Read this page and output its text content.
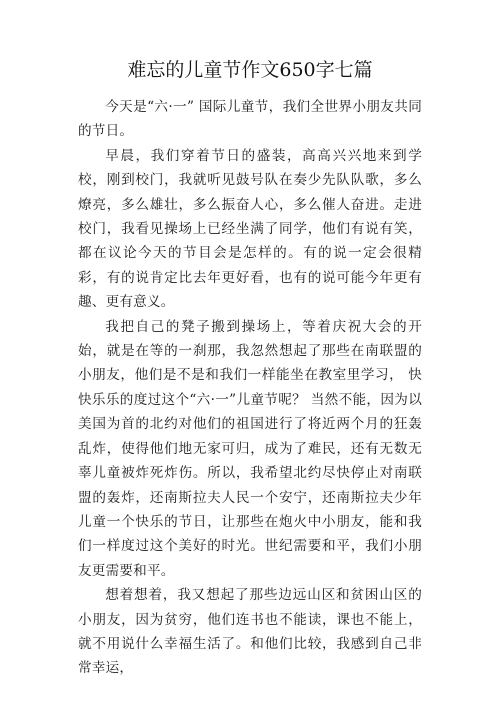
难忘的儿童节作文650字七篇

今天是“六·一” 国际儿童节，我们全世界小朋友共同的节日。

早晨，我们穿着节日的盛装，高高兴兴地来到学校，刚到校门，我就听见鼓号队在奏少先队队歌，多么燎亮，多么雄壮，多么振奋人心，多么催人奋进。走进校门，我看见操场上已经坐满了同学，他们有说有笑，都在议论今天的节目会是怎样的。有的说一定会很精彩，有的说肯定比去年更好看，也有的说可能今年更有趣、更有意义。

我把自己的凳子搬到操场上，等着庆祝大会的开始，就是在等的一刹那，我忽然想起了那些在南联盟的小朋友，他们是不是和我们一样能坐在教室里学习， 快快乐乐的度过这个“六·一”儿童节呢？ 当然不能，因为以美国为首的北约对他们的祖国进行了将近两个月的狂轰乱炸，使得他们地无家可归，成为了难民，还有无数无辜儿童被炸死炸伤。所以，我希望北约尽快停止对南联盟的轰炸，还南斯拉夫人民一个安宁，还南斯拉夫少年儿童一个快乐的节日，让那些在炮火中小朋友，能和我们一样度过这个美好的时光。世纪需要和平，我们小朋友更需要和平。

想着想着，我又想起了那些边远山区和贫困山区的小朋友，因为贫穷，他们连书也不能读，课也不能上，就不用说什么幸福生活了。和他们比较，我感到自己非常幸运，
